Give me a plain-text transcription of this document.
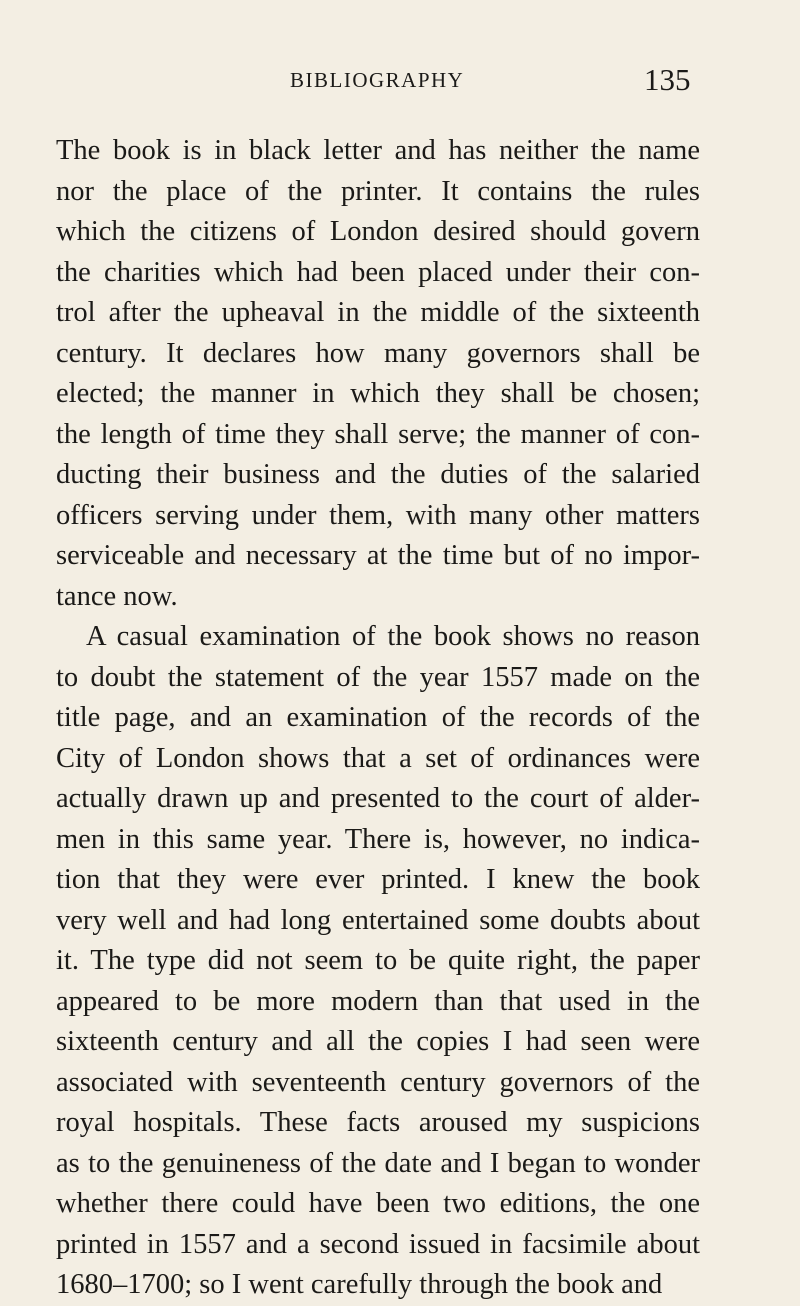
BIBLIOGRAPHY	135
The book is in black letter and has neither the name
nor the place of the printer. It contains the rules
which the citizens of London desired should govern
the charities which had been placed under their con-
trol after the upheaval in the middle of the sixteenth
century. It declares how many governors shall be
elected; the manner in which they shall be chosen;
the length of time they shall serve; the manner of con-
ducting their business and the duties of the salaried
officers serving under them, with many other matters
serviceable and necessary at the time but of no impor-
tance now.
A casual examination of the book shows no reason
to doubt the statement of the year 1557 made on the
title page, and an examination of the records of the
City of London shows that a set of ordinances were
actually drawn up and presented to the court of alder-
men in this same year. There is, however, no indica-
tion that they were ever printed. I knew the book
very well and had long entertained some doubts about
it. The type did not seem to be quite right, the paper
appeared to be more modern than that used in the
sixteenth century and all the copies I had seen were
associated with seventeenth century governors of the
royal hospitals. These facts aroused my suspicions
as to the genuineness of the date and I began to wonder
whether there could have been two editions, the one
printed in 1557 and a second issued in facsimile about
1680–1700; so I went carefully through the book and
